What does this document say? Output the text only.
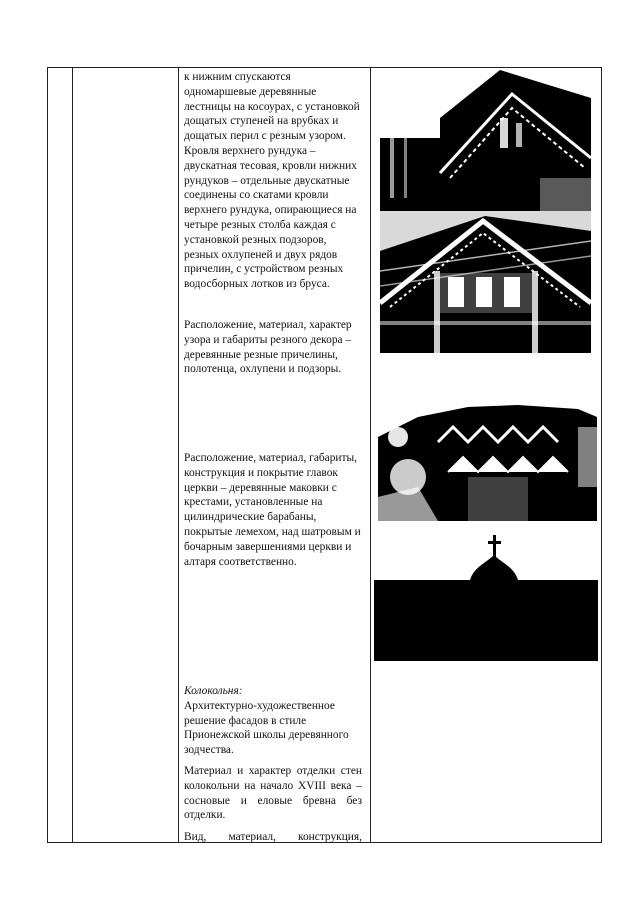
к нижним спускаются одномаршевые деревянные лестницы на косоурах, с установкой дощатых ступеней на врубках и дощатых перил с резным узором. Кровля верхнего рундука – двускатная тесовая, кровли нижних рундуков – отдельные двускатные соединены со скатами кровли верхнего рундука, опирающиеся на четыре резных столба каждая с установкой резных подзоров, резных охлупеней и двух рядов причелин, с устройством резных водосборных лотков из бруса.

Расположение, материал, характер узора и габариты резного декора – деревянные резные причелины, полотенца, охлупени и подзоры.

Расположение, материал, габариты, конструкция и покрытие главок церкви – деревянные маковки с крестами, установленные на цилиндрические барабаны, покрытые лемехом, над шатровым и бочарным завершениями церкви и алтаря соответственно.

Колокольня:

Архитектурно-художественное решение фасадов в стиле Прионежской школы деревянного зодчества.

Материал и характер отделки стен колокольни на начало XVIII века – сосновые и еловые бревна без отделки.

Вид, материал, конструкция,
